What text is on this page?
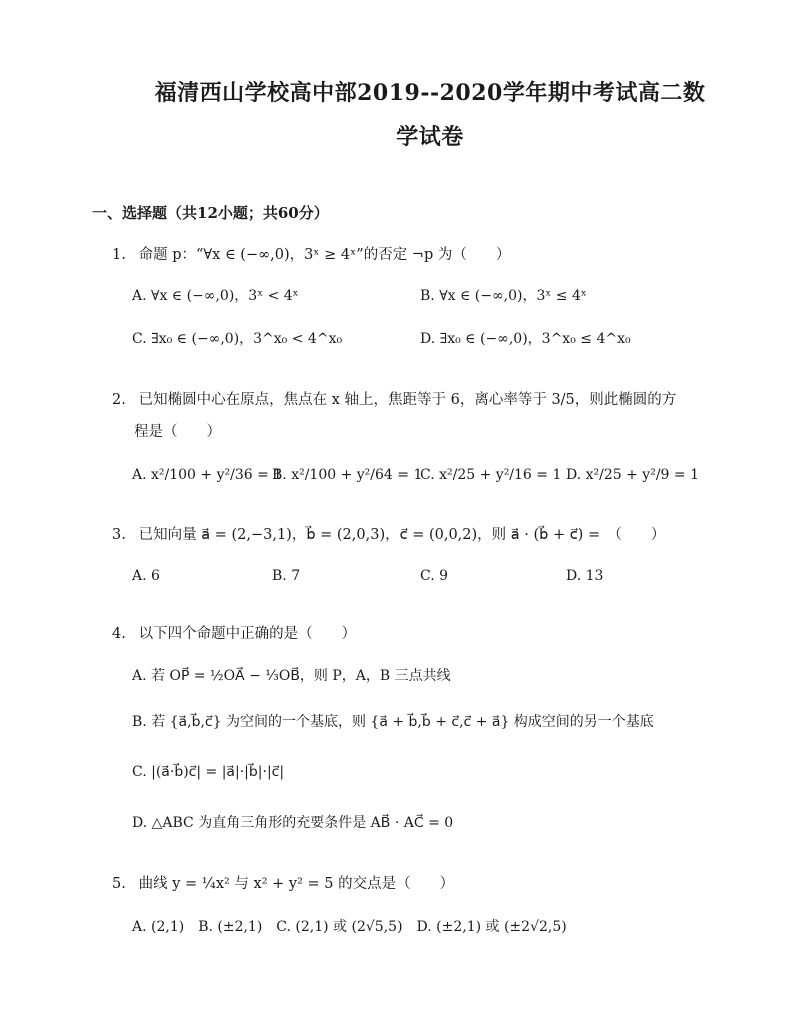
福清西山学校高中部2019--2020学年期中考试高二数
学试卷
一、选择题（共12小题；共60分）
1. 命题 p：“∀x ∈ (−∞,0)，3ˣ ≥ 4ˣ”的否定 ¬p 为（　　）
A. ∀x ∈ (−∞,0)，3ˣ < 4ˣ	B. ∀x ∈ (−∞,0)，3ˣ ≤ 4ˣ
C. ∃x₀ ∈ (−∞,0)，3^x₀ < 4^x₀	D. ∃x₀ ∈ (−∞,0)，3^x₀ ≤ 4^x₀
2. 已知椭圆中心在原点，焦点在 x 轴上，焦距等于 6，离心率等于 3/5，则此椭圆的方
程是（　　）
A. x²/100 + y²/36 = 1
B. x²/100 + y²/64 = 1
C. x²/25 + y²/16 = 1 D. x²/25 + y²/9 = 1
3. 已知向量 a⃗ = (2,−3,1)，b⃗ = (2,0,3)，c⃗ = (0,0,2)，则 a⃗ · (b⃗ + c⃗) =　（　　）
A. 6	B. 7	C. 9	D. 13
4. 以下四个命题中正确的是（　　）
A. 若 OP⃗ = ½OA⃗ − ⅓OB⃗，则 P，A，B 三点共线
B. 若 {a⃗,b⃗,c⃗} 为空间的一个基底，则 {a⃗ + b⃗,b⃗ + c⃗,c⃗ + a⃗} 构成空间的另一个基底
C. |(a⃗·b⃗)c⃗| = |a⃗|·|b⃗|·|c⃗|
D. △ABC 为直角三角形的充要条件是 AB⃗ · AC⃗ = 0
5. 曲线 y = ¼x² 与 x² + y² = 5 的交点是（　　）
A. (2,1)　B. (±2,1)　C. (2,1) 或 (2√5,5)　D. (±2,1) 或 (±2√2,5)
